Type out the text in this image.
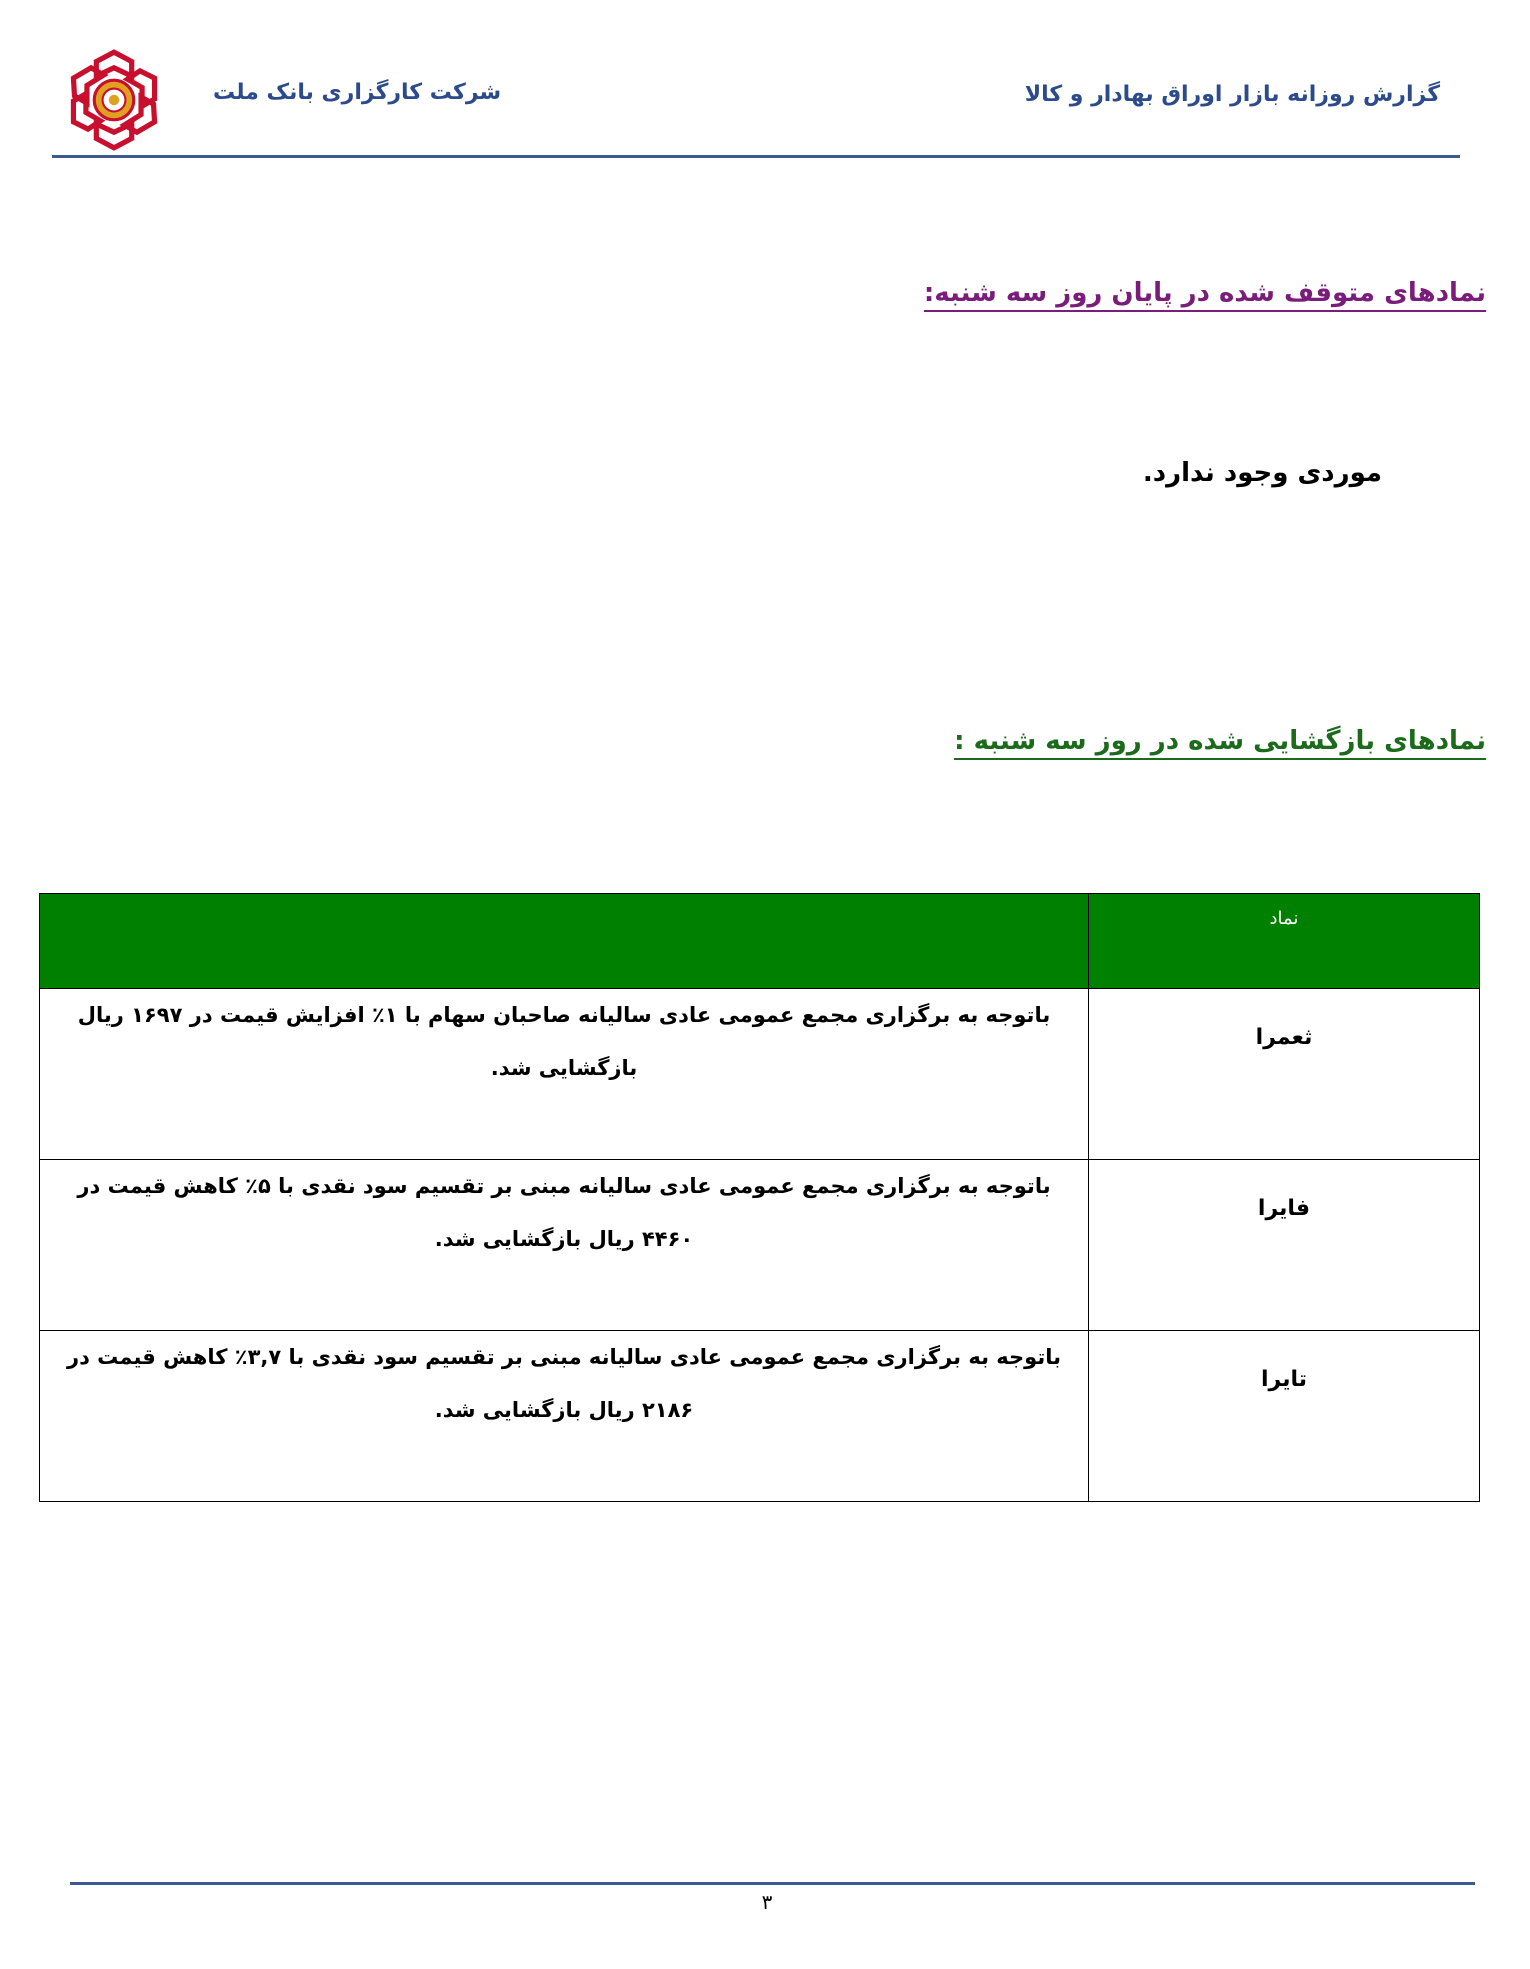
گزارش روزانه بازار اوراق بهادار و کالا
شرکت کارگزاری بانک ملت
نمادهای متوقف شده در پایان روز سه شنبه:
موردی وجود ندارد.
نمادهای بازگشایی شده در روز سه شنبه :
نماد	
ثعمرا	باتوجه به برگزاری مجمع عمومی عادی سالیانه صاحبان سهام با ۱٪ افزایش قیمت در ۱۶۹۷ ریال بازگشایی شد.
فایرا	باتوجه به برگزاری مجمع عمومی عادی سالیانه مبنی بر تقسیم سود نقدی با ۵٪ کاهش قیمت در ۴۴۶۰ ریال بازگشایی شد.
تایرا	باتوجه به برگزاری مجمع عمومی عادی سالیانه مبنی بر تقسیم سود نقدی با ۳,۷٪ کاهش قیمت در ۲۱۸۶ ریال بازگشایی شد.
۳
